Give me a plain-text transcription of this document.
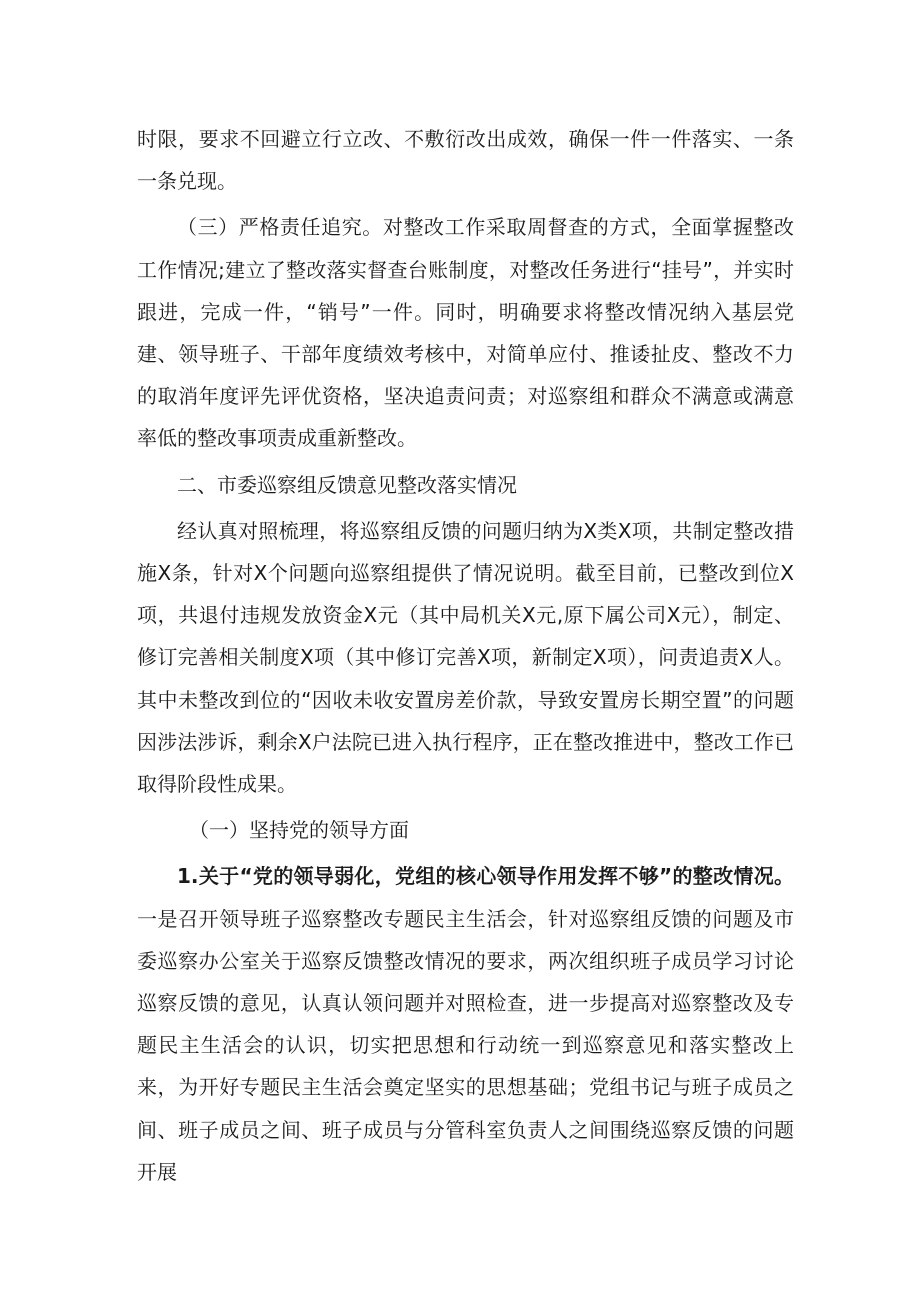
时限，要求不回避立行立改、不敷衍改出成效，确保一件一件落实、一条一条兑现。

（三）严格责任追究。对整改工作采取周督查的方式，全面掌握整改工作情况;建立了整改落实督查台账制度，对整改任务进行“挂号”，并实时跟进，完成一件，“销号”一件。同时，明确要求将整改情况纳入基层党建、领导班子、干部年度绩效考核中，对简单应付、推诿扯皮、整改不力的取消年度评先评优资格，坚决追责问责；对巡察组和群众不满意或满意率低的整改事项责成重新整改。

二、市委巡察组反馈意见整改落实情况

经认真对照梳理，将巡察组反馈的问题归纳为X类X项，共制定整改措施X条，针对X个问题向巡察组提供了情况说明。截至目前，已整改到位X项，共退付违规发放资金X元（其中局机关X元,原下属公司X元），制定、修订完善相关制度X项（其中修订完善X项，新制定X项），问责追责X人。其中未整改到位的“因收未收安置房差价款，导致安置房长期空置”的问题因涉法涉诉，剩余X户法院已进入执行程序，正在整改推进中，整改工作已取得阶段性成果。

（一）坚持党的领导方面

1.关于“党的领导弱化，党组的核心领导作用发挥不够”的整改情况。一是召开领导班子巡察整改专题民主生活会，针对巡察组反馈的问题及市委巡察办公室关于巡察反馈整改情况的要求，两次组织班子成员学习讨论巡察反馈的意见，认真认领问题并对照检查，进一步提高对巡察整改及专题民主生活会的认识，切实把思想和行动统一到巡察意见和落实整改上来，为开好专题民主生活会奠定坚实的思想基础；党组书记与班子成员之间、班子成员之间、班子成员与分管科室负责人之间围绕巡察反馈的问题开展
